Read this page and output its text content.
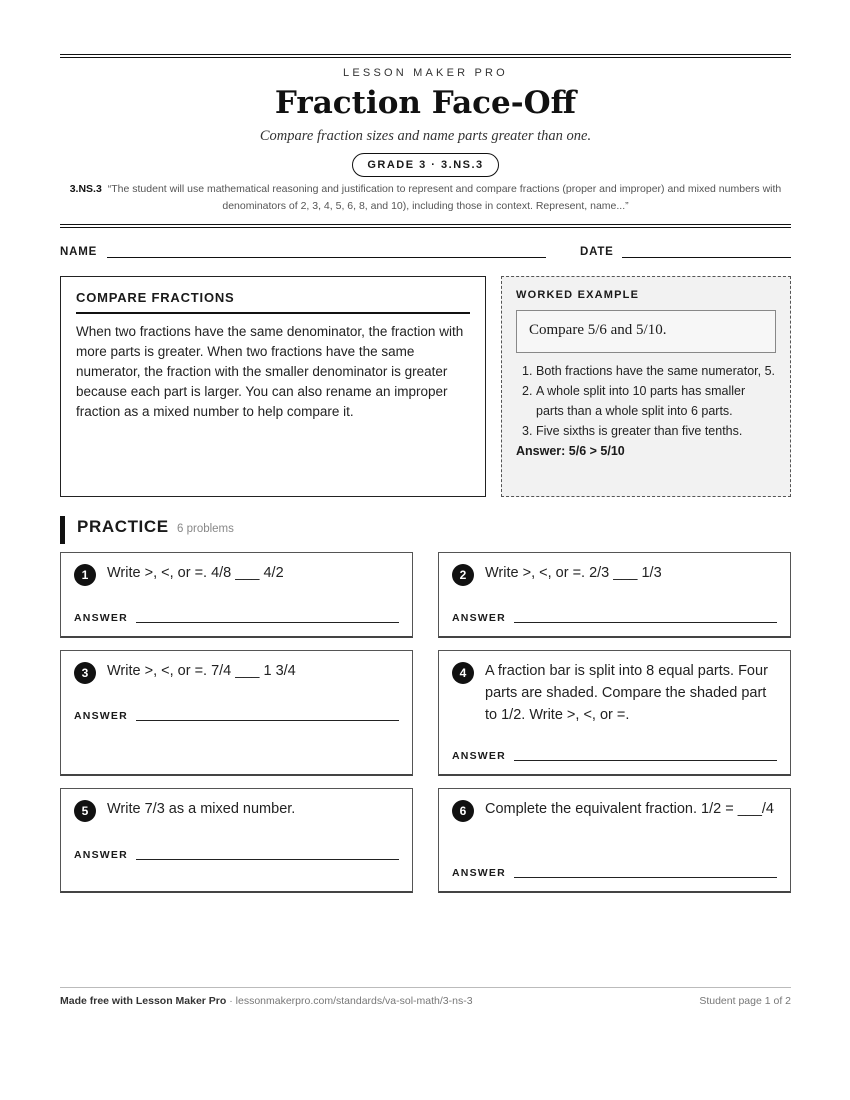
LESSON MAKER PRO
Fraction Face-Off
Compare fraction sizes and name parts greater than one.
GRADE 3 · 3.NS.3
3.NS.3 “The student will use mathematical reasoning and justification to represent and compare fractions (proper and improper) and mixed numbers with denominators of 2, 3, 4, 5, 6, 8, and 10), including those in context. Represent, name...”
NAME	DATE
COMPARE FRACTIONS
When two fractions have the same denominator, the fraction with more parts is greater. When two fractions have the same numerator, the fraction with the smaller denominator is greater because each part is larger. You can also rename an improper fraction as a mixed number to help compare it.
WORKED EXAMPLE
Compare 5/6 and 5/10.
1. Both fractions have the same numerator, 5.
2. A whole split into 10 parts has smaller parts than a whole split into 6 parts.
3. Five sixths is greater than five tenths.
Answer: 5/6 > 5/10
PRACTICE 6 problems
1	Write >, <, or =. 4/8 ___ 4/2
ANSWER
2	Write >, <, or =. 2/3 ___ 1/3
ANSWER
3	Write >, <, or =. 7/4 ___ 1 3/4
ANSWER
4	A fraction bar is split into 8 equal parts. Four parts are shaded. Compare the shaded part to 1/2. Write >, <, or =.
ANSWER
5	Write 7/3 as a mixed number.
ANSWER
6	Complete the equivalent fraction. 1/2 = ___/4
ANSWER
Made free with Lesson Maker Pro · lessonmakerpro.com/standards/va-sol-math/3-ns-3	Student page 1 of 2
